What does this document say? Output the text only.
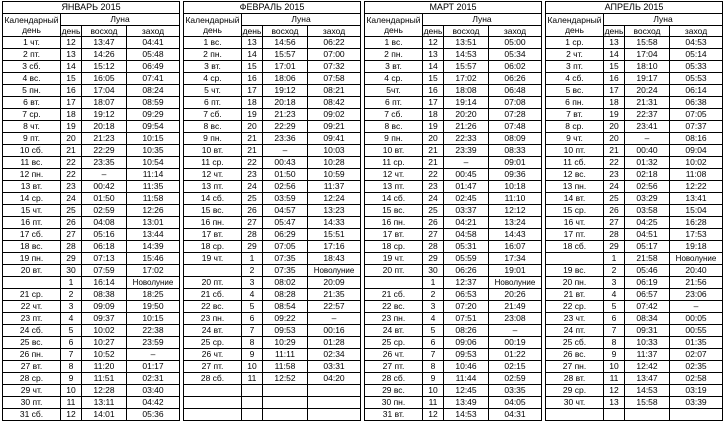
ЯНВАРЬ 2015			

Календарный
день	Луна		
	день	восход	заход
1 чт.	12	13:47	04:41
2 пт.	13	14:26	05:48
3 сб.	14	15:12	06:49
4 вс.	15	16:05	07:41
5 пн.	16	17:04	08:24
6 вт.	17	18:07	08:59
7 ср.	18	19:12	09:29
8 чт.	19	20:18	09:54
9 пт.	20	21:23	10:15
10 сб.	21	22:29	10:35
11 вс.	22	23:35	10:54
12 пн.	22	–	11:14
13 вт.	23	00:42	11:35
14 ср.	24	01:50	11:58
15 чт.	25	02:59	12:26
16 пт.	26	04:08	13:01
17 сб.	27	05:16	13:44
18 вс.	28	06:18	14:39
19 пн.	29	07:13	15:46
20 вт.	30	07:59	17:02
	1	16:14	Новолуние
21 ср.	2	08:38	18:25
22 чт.	3	09:09	19:50
23 пт.	4	09:37	10:15
24 сб.	5	10:02	22:38
25 вс.	6	10:27	23:59
26 пн.	7	10:52	–
27 вт.	8	11:20	01:17
28 ср.	9	11:51	02:31
29 чт.	10	12:28	03:40
30 пт.	11	13:11	04:42
31 сб.	12	14:01	05:36
ФЕВРАЛЬ 2015			

Календарный
день	Луна		
	день	восход	заход
1 вс.	13	14:56	06:22
2 пн.	14	15:57	07:00
3 вт.	15	17:01	07:32
4 ср.	16	18:06	07:58
5 чт.	17	19:12	08:21
6 пт.	18	20:18	08:42
7 сб.	19	21:23	09:02
8 вс.	20	22:29	09:21
9 пн.	21	23:36	09:41
10 вт.	21	–	10:03
11 ср.	22	00:43	10:28
12 чт.	23	01:50	10:59
13 пт.	24	02:56	11:37
14 сб.	25	03:59	12:24
15 вс.	26	04:57	13:23
16 пн.	27	05:47	14:33
17 вт.	28	06:29	15:51
18 ср.	29	07:05	17:16
19 чт.	1	07:35	18:43
	2	07:35	Новолуние
20 пт.	3	08:02	20:09
21 сб.	4	08:28	21:35
22 вс.	5	08:54	22:57
23 пн.	6	09:22	–
24 вт.	7	09:53	00:16
25 ср.	8	10:29	01:28
26 чт.	9	11:11	02:34
27 пт.	10	11:58	03:31
28 сб.	11	12:52	04:20

МАРТ 2015			

Календарный
день	Луна		
	день	восход	заход
1 вс.	12	13:51	05:00
2 пн.	13	14:53	05:34
3 вт.	14	15:57	06:02
4 ср.	15	17:02	06:26
5чт.	16	18:08	06:48
6 пт.	17	19:14	07:08
7 сб.	18	20:20	07:28
8 вс.	19	21:26	07:48
9 пн.	20	22:33	08:09
10 вт.	21	23:39	08:33
11 ср.	21	–	09:01
12 чт.	22	00:45	09:36
13 пт.	23	01:47	10:18
14 сб.	24	02:45	11:10
15 вс.	25	03:37	12:12
16 пн.	26	04:21	13:24
17 вт.	27	04:58	14:43
18 ср.	28	05:31	16:07
19 чт.	29	05:59	17:34
20 пт.	30	06:26	19:01
	1	12:37	Новолуние
21 сб.	2	06:53	20:26
22 вс.	3	07:20	21:49
23 пн.	4	07:51	23:08
24 вт.	5	08:26	–
25 ср.	6	09:06	00:19
26 чт.	7	09:53	01:22
27 пт.	8	10:46	02:15
28 сб.	9	11:44	02:59
29 вс.	10	12:45	03:35
30 пн.	11	13:49	04:05
31 вт.	12	14:53	04:31
АПРЕЛЬ 2015			

Календарный
день	Луна		
	день	восход	заход
1 ср.	13	15:58	04:53
2 чт.	14	17:04	05:14
3 пт.	15	18:10	05:33
4 сб.	16	19:17	05:53
5 вс.	17	20:24	06:14
6 пн.	18	21:31	06:38
7 вт.	19	22:37	07:05
8 ср.	20	23:41	07:37
9 чт.	20	–	08:16
10 пт.	21	00:40	09:04
11 сб.	22	01:32	10:02
12 вс.	23	02:18	11:08
13 пн.	24	02:56	12:22
14 вт.	25	03:29	13:41
15 ср.	26	03:58	15:04
16 чт.	27	04:25	16:28
17 пт.	28	04:51	17:53
18 сб.	29	05:17	19:18
	1	21:58	Новолуние
19 вс.	2	05:46	20:40
20 пн.	3	06:19	21:56
21 вт.	4	06:57	23:06
22 ср.	5	07:42	–
23 чт.	6	08:34	00:05
24 пт.	7	09:31	00:55
25 сб.	8	10:33	01:35
26 вс.	9	11:37	02:07
27 пн.	10	12:42	02:35
28 вт.	11	13:47	02:58
29 ср.	12	14:53	03:19
30 чт.	13	15:58	03:39
